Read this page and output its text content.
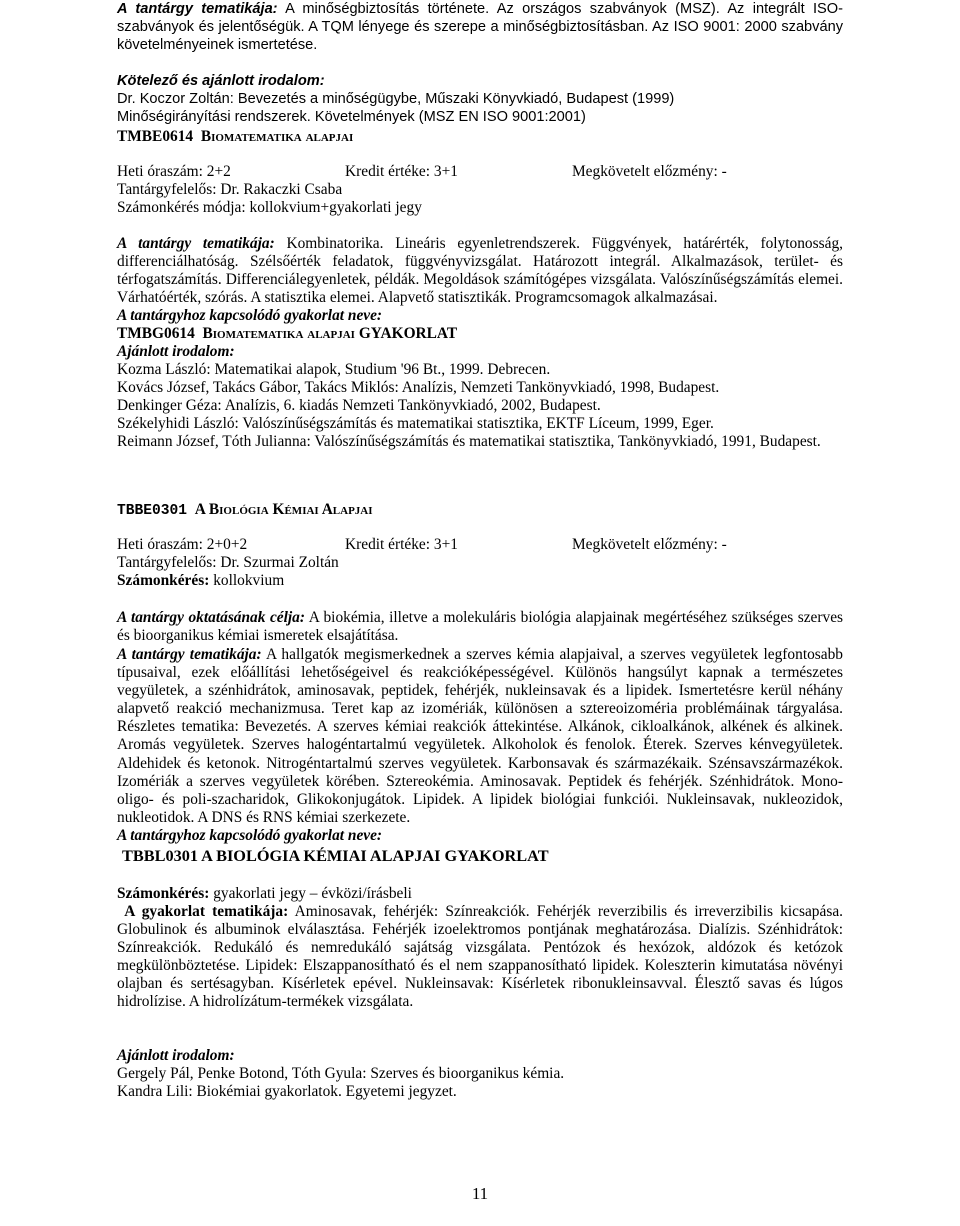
A tantárgy tematikája: A minőségbiztosítás története. Az országos szabványok (MSZ). Az integrált ISO-szabványok és jelentőségük. A TQM lényege és szerepe a minőségbiztosításban. Az ISO 9001: 2000 szabvány követelményeinek ismertetése.

Kötelező és ajánlott irodalom:

Dr. Koczor Zoltán: Bevezetés a minőségügybe, Műszaki Könyvkiadó, Budapest (1999)

Minőségirányítási rendszerek. Követelmények (MSZ EN ISO 9001:2001)

TMBE0614 Biomatematika alapjai

Heti óraszám: 2+2	Kredit értéke: 3+1	Megkövetelt előzmény: -

Tantárgyfelelős: Dr. Rakaczki Csaba

Számonkérés módja: kollokvium+gyakorlati jegy

A tantárgy tematikája: Kombinatorika. Lineáris egyenletrendszerek. Függvények, határérték, folytonosság, differenciálhatóság. Szélsőérték feladatok, függvényvizsgálat. Határozott integrál. Alkalmazások, terület- és térfogatszámítás. Differenciálegyenletek, példák. Megoldások számítógépes vizsgálata. Valószínűségszámítás elemei. Várhatóérték, szórás. A statisztika elemei. Alapvető statisztikák. Programcsomagok alkalmazásai.

A tantárgyhoz kapcsolódó gyakorlat neve:

TMBG0614 Biomatematika alapjai GYAKORLAT

Ajánlott irodalom:

Kozma László: Matematikai alapok, Studium '96 Bt., 1999. Debrecen.
Kovács József, Takács Gábor, Takács Miklós: Analízis, Nemzeti Tankönyvkiadó, 1998, Budapest.
Denkinger Géza: Analízis, 6. kiadás Nemzeti Tankönyvkiadó, 2002, Budapest.
Székelyhidi László: Valószínűségszámítás és matematikai statisztika, EKTF Líceum, 1999, Eger.
Reimann József, Tóth Julianna: Valószínűségszámítás és matematikai statisztika, Tankönyvkiadó, 1991, Budapest.

TBBE0301 A Biológia Kémiai Alapjai

Heti óraszám: 2+0+2	Kredit értéke: 3+1	Megkövetelt előzmény: -

Tantárgyfelelős: Dr. Szurmai Zoltán

Számonkérés: kollokvium

A tantárgy oktatásának célja: A biokémia, illetve a molekuláris biológia alapjainak megértéséhez szükséges szerves és bioorganikus kémiai ismeretek elsajátítása.

A tantárgy tematikája: A hallgatók megismerkednek a szerves kémia alapjaival, a szerves vegyületek legfontosabb típusaival, ezek előállítási lehetőségeivel és reakcióképességével. Különös hangsúlyt kapnak a természetes vegyületek, a szénhidrátok, aminosavak, peptidek, fehérjék, nukleinsavak és a lipidek. Ismertetésre kerül néhány alapvető reakció mechanizmusa. Teret kap az izomériák, különösen a sztereoizoméria problémáinak tárgyalása. Részletes tematika: Bevezetés. A szerves kémiai reakciók áttekintése. Alkánok, cikloalkánok, alkének és alkinek. Aromás vegyületek. Szerves halogéntartalmú vegyületek. Alkoholok és fenolok. Éterek. Szerves kénvegyületek. Aldehidek és ketonok. Nitrogéntartalmú szerves vegyületek. Karbonsavak és származékaik. Szénsavszármazékok. Izomériák a szerves vegyületek körében. Sztereokémia. Aminosavak. Peptidek és fehérjék. Szénhidrátok. Mono- oligo- és poli-szacharidok, Glikokonjugátok. Lipidek. A lipidek biológiai funkciói. Nukleinsavak, nukleozidok, nukleotidok. A DNS és RNS kémiai szerkezete.

A tantárgyhoz kapcsolódó gyakorlat neve:

TBBL0301 A BIOLÓGIA KÉMIAI ALAPJAI GYAKORLAT

Számonkérés: gyakorlati jegy – évközi/írásbeli

A gyakorlat tematikája: Aminosavak, fehérjék: Színreakciók. Fehérjék reverzibilis és irreverzibilis kicsapása. Globulinok és albuminok elválasztása. Fehérjék izoelektromos pontjának meghatározása. Dialízis. Szénhidrátok: Színreakciók. Redukáló és nemredukáló sajátság vizsgálata. Pentózok és hexózok, aldózok és ketózok megkülönböztetése. Lipidek: Elszappanosítható és el nem szappanosítható lipidek. Koleszterin kimutatása növényi olajban és sertésagyban. Kísérletek epével. Nukleinsavak: Kísérletek ribonukleinsavval. Élesztő savas és lúgos hidrolízise. A hidrolízátum-termékek vizsgálata.

Ajánlott irodalom:

Gergely Pál, Penke Botond, Tóth Gyula: Szerves és bioorganikus kémia.
Kandra Lili: Biokémiai gyakorlatok. Egyetemi jegyzet.

11
